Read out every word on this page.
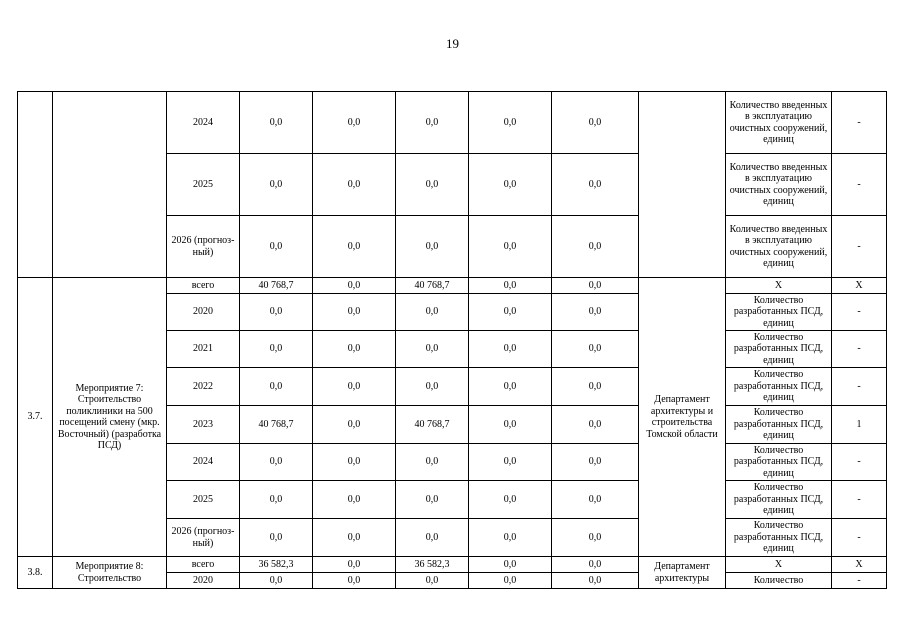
19
		2024	0,0	0,0	0,0	0,0	0,0		Количество введенных в эксплуатацию очистных сооружений, единиц	-
		2025	0,0	0,0	0,0	0,0	0,0		Количество введенных в эксплуатацию очистных сооружений, единиц	-
		2026 (прогноз-ный)	0,0	0,0	0,0	0,0	0,0		Количество введенных в эксплуатацию очистных сооружений, единиц	-
3.7.	Мероприятие 7: Строительство поликлиники на 500 посещений смену (мкр. Восточный) (разработка ПСД)	всего	40 768,7	0,0	40 768,7	0,0	0,0	Департамент архитектуры и строительства Томской области	X	X
		2020	0,0	0,0	0,0	0,0	0,0		Количество разработанных ПСД, единиц	-
		2021	0,0	0,0	0,0	0,0	0,0		Количество разработанных ПСД, единиц	-
		2022	0,0	0,0	0,0	0,0	0,0		Количество разработанных ПСД, единиц	-
		2023	40 768,7	0,0	40 768,7	0,0	0,0		Количество разработанных ПСД, единиц	1
		2024	0,0	0,0	0,0	0,0	0,0		Количество разработанных ПСД, единиц	-
		2025	0,0	0,0	0,0	0,0	0,0		Количество разработанных ПСД, единиц	-
		2026 (прогноз-ный)	0,0	0,0	0,0	0,0	0,0		Количество разработанных ПСД, единиц	-
3.8.	Мероприятие 8: Строительство	всего	36 582,3	0,0	36 582,3	0,0	0,0	Департамент архитектуры	X	X
		2020	0,0	0,0	0,0	0,0	0,0		Количество	-
